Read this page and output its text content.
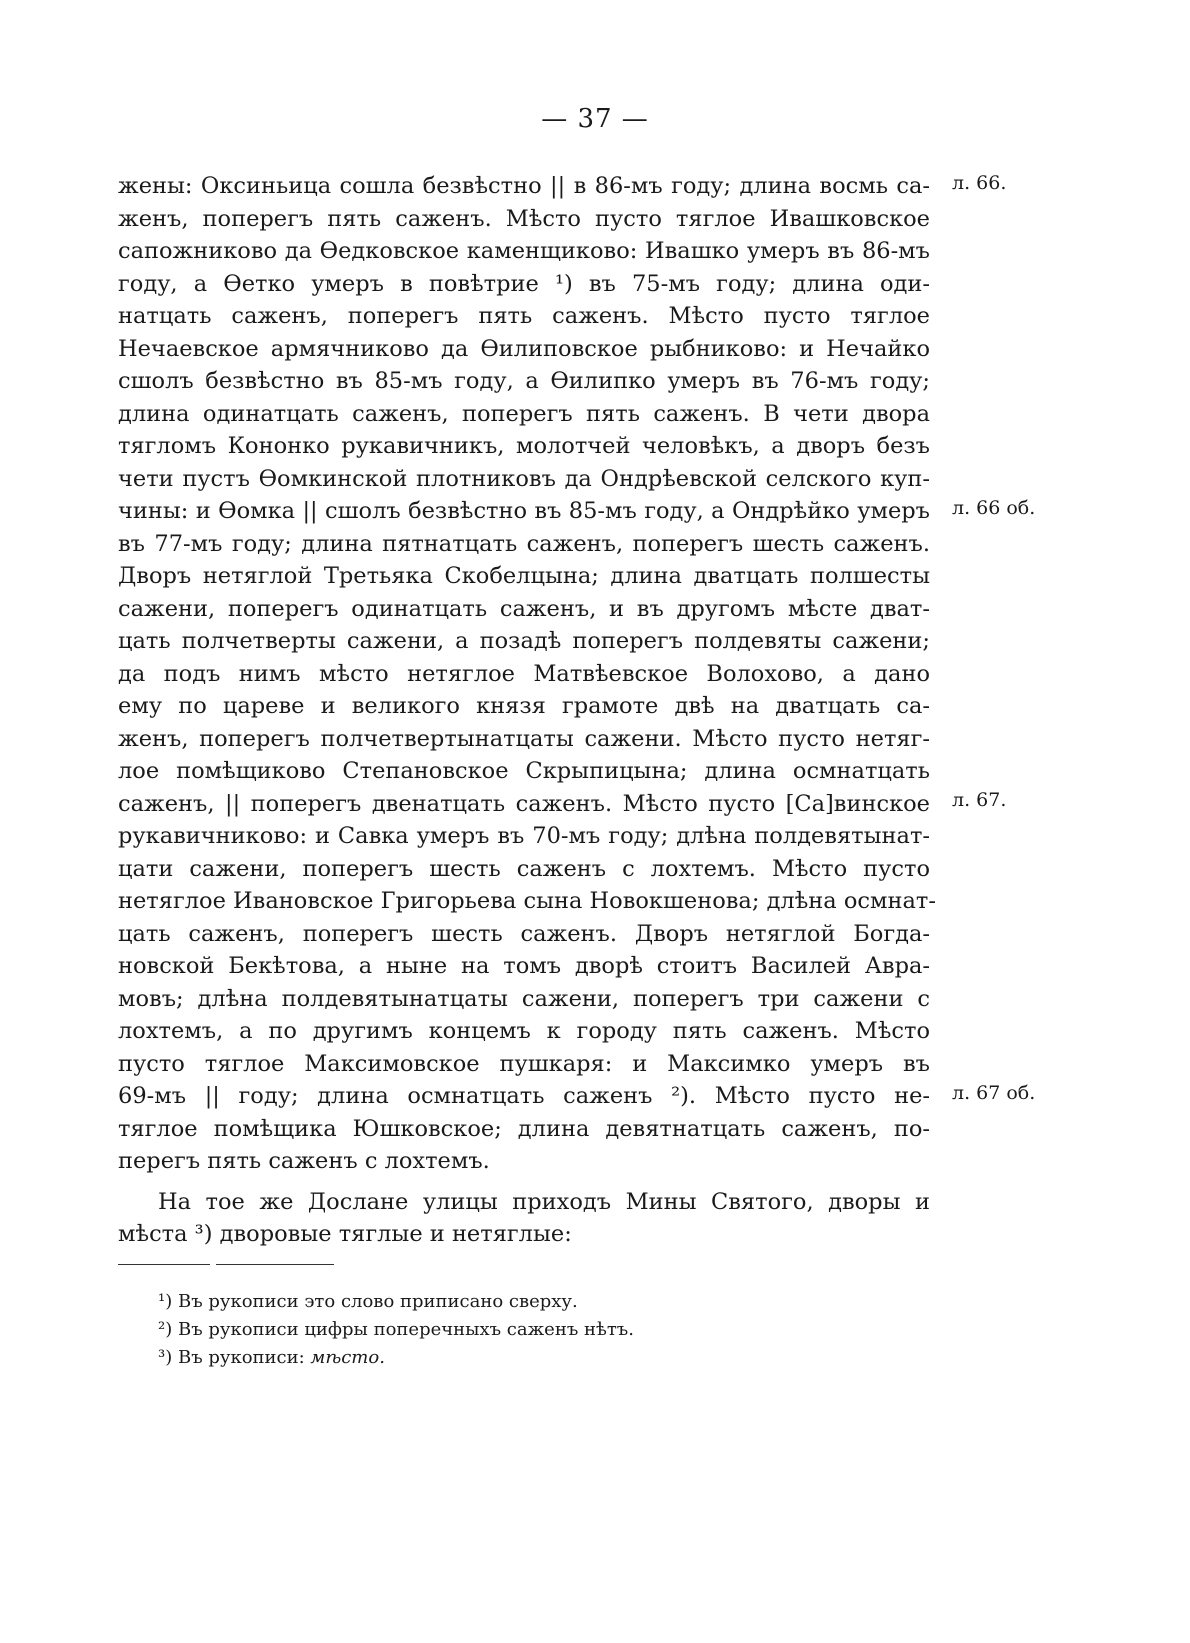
— 37 —
жены: Оксиньица сошла безвѣстно || в 86-мъ году; длина восмь са-
женъ, поперегъ пять саженъ. Мѣсто пусто тяглое Ивашковское
сапожниково да Ѳедковское каменщиково: Ивашко умеръ въ 86-мъ
году, а Ѳетко умеръ в повѣтрие ¹) въ 75-мъ году; длина оди-
натцать саженъ, поперегъ пять саженъ. Мѣсто пусто тяглое
Нечаевское армячниково да Ѳилиповское рыбниково: и Нечайко
сшолъ безвѣстно въ 85-мъ году, а Ѳилипко умеръ въ 76-мъ году;
длина одинатцать саженъ, поперегъ пять саженъ. В чети двора
тягломъ Кононко рукавичникъ, молотчей человѣкъ, а дворъ безъ
чети пустъ Ѳомкинской плотниковъ да Ондрѣевской селского куп-
чины: и Ѳомка || сшолъ безвѣстно въ 85-мъ году, а Ондрѣйко умеръ
въ 77-мъ году; длина пятнатцать саженъ, поперегъ шесть саженъ.
Дворъ нетяглой Третьяка Скобелцына; длина дватцать полшесты
сажени, поперегъ одинатцать саженъ, и въ другомъ мѣсте дват-
цать полчетверты сажени, а позадѣ поперегъ полдевяты сажени;
да подъ нимъ мѣсто нетяглое Матвѣевское Волохово, а дано
ему по цареве и великого князя грамоте двѣ на дватцать са-
женъ, поперегъ полчетвертынатцаты сажени. Мѣсто пусто нетяг-
лое помѣщиково Степановское Скрыпицына; длина осмнатцать
саженъ, || поперегъ двенатцать саженъ. Мѣсто пусто [Са]винское
рукавичниково: и Савка умеръ въ 70-мъ году; длѣна полдевятынат-
цати сажени, поперегъ шесть саженъ с лохтемъ. Мѣсто пусто
нетяглое Ивановское Григорьева сына Новокшенова; длѣна осмнат-
цать саженъ, поперегъ шесть саженъ. Дворъ нетяглой Богда-
новской Бекѣтова, а ныне на томъ дворѣ стоитъ Василей Авра-
мовъ; длѣна полдевятынатцаты сажени, поперегъ три сажени с
лохтемъ, а по другимъ концемъ к городу пять саженъ. Мѣсто
пусто тяглое Максимовское пушкаря: и Максимко умеръ въ
69-мъ || году; длина осмнатцать саженъ ²). Мѣсто пусто не-
тяглое помѣщика Юшковское; длина девятнатцать саженъ, по-
перегъ пять саженъ с лохтемъ.
На тое же Дослане улицы приходъ Мины Святого, дворы и
мѣста ³) дворовые тяглые и нетяглые:
л. 66.
л. 66 об.
л. 67.
л. 67 об.
¹) Въ рукописи это слово приписано сверху.
²) Въ рукописи цифры поперечныхъ саженъ нѣтъ.
³) Въ рукописи: мѣсто.
